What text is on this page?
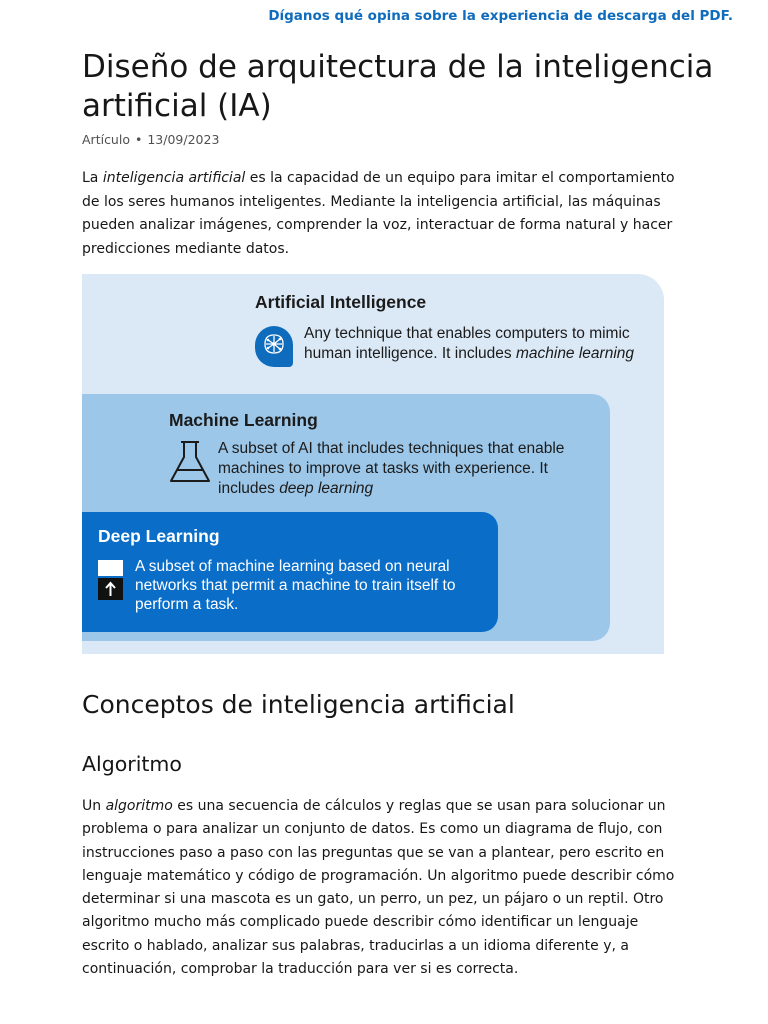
Díganos qué opina sobre la experiencia de descarga del PDF.
Diseño de arquitectura de la inteligencia artificial (IA)
Artículo • 13/09/2023

La inteligencia artificial es la capacidad de un equipo para imitar el comportamiento de los seres humanos inteligentes. Mediante la inteligencia artificial, las máquinas pueden analizar imágenes, comprender la voz, interactuar de forma natural y hacer predicciones mediante datos.

Artificial Intelligence

Any technique that enables computers to mimic human intelligence. It includes machine learning

Machine Learning

A subset of AI that includes techniques that enable machines to improve at tasks with experience. It includes deep learning

Deep Learning

A subset of machine learning based on neural networks that permit a machine to train itself to perform a task.

Conceptos de inteligencia artificial
Algoritmo

Un algoritmo es una secuencia de cálculos y reglas que se usan para solucionar un problema o para analizar un conjunto de datos. Es como un diagrama de flujo, con instrucciones paso a paso con las preguntas que se van a plantear, pero escrito en lenguaje matemático y código de programación. Un algoritmo puede describir cómo determinar si una mascota es un gato, un perro, un pez, un pájaro o un reptil. Otro algoritmo mucho más complicado puede describir cómo identificar un lenguaje escrito o hablado, analizar sus palabras, traducirlas a un idioma diferente y, a continuación, comprobar la traducción para ver si es correcta.
